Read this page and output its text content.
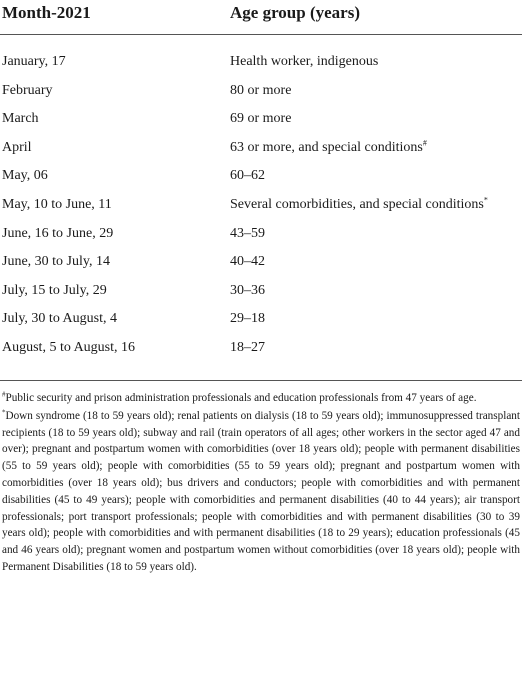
Month-2021	Age group (years)
January, 17	Health worker, indigenous
February	80 or more
March	69 or more
April	63 or more, and special conditions#
May, 06	60–62
May, 10 to June, 11	Several comorbidities, and special conditions*
June, 16 to June, 29	43–59
June, 30 to July, 14	40–42
July, 15 to July, 29	30–36
July, 30 to August, 4	29–18
August, 5 to August, 16	18–27

#Public security and prison administration professionals and education professionals from 47 years of age.

*Down syndrome (18 to 59 years old); renal patients on dialysis (18 to 59 years old); immunosuppressed transplant recipients (18 to 59 years old); subway and rail (train operators of all ages; other workers in the sector aged 47 and over); pregnant and postpartum women with comorbidities (over 18 years old); people with permanent disabilities (55 to 59 years old); people with comorbidities (55 to 59 years old); pregnant and postpartum women with comorbidities (over 18 years old); bus drivers and conductors; people with comorbidities and with permanent disabilities (45 to 49 years); people with comorbidities and permanent disabilities (40 to 44 years); air transport professionals; port transport professionals; people with comorbidities and with permanent disabilities (30 to 39 years old); people with comorbidities and with permanent disabilities (18 to 29 years); education professionals (45 and 46 years old); pregnant women and postpartum women without comorbidities (over 18 years old); people with Permanent Disabilities (18 to 59 years old).
